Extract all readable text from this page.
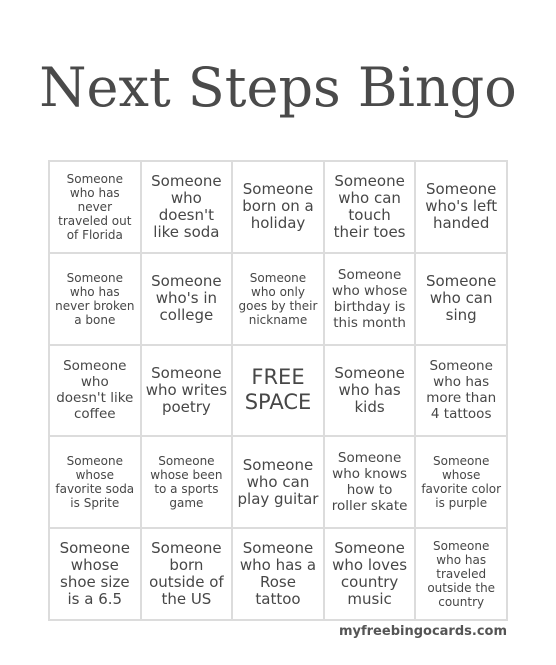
Next Steps Bingo
Someone who has never traveled out of Florida
Someone who doesn't like soda
Someone born on a holiday
Someone who can touch their toes
Someone who's left handed
Someone who has never broken a bone
Someone who's in college
Someone who only goes by their nickname
Someone who whose birthday is this month
Someone who can sing
Someone who doesn't like coffee
Someone who writes poetry
FREE SPACE
Someone who has kids
Someone who has more than 4 tattoos
Someone whose favorite soda is Sprite
Someone whose been to a sports game
Someone who can play guitar
Someone who knows how to roller skate
Someone whose favorite color is purple
Someone whose shoe size is a 6.5
Someone born outside of the US
Someone who has a Rose tattoo
Someone who loves country music
Someone who has traveled outside the country
myfreebingocards.com
